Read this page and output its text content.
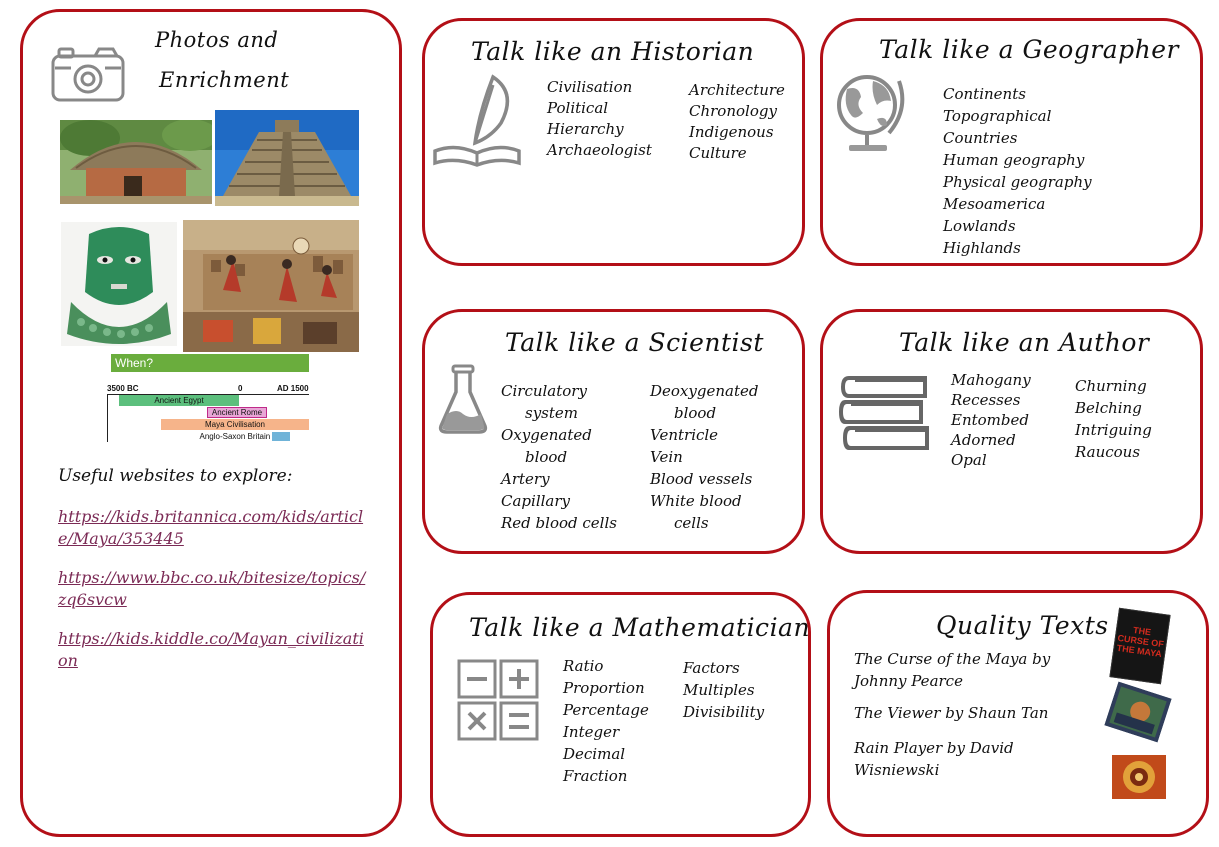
Photos and
Enrichment
When?
3500 BC	0	AD 1500
Ancient Egypt
Ancient Rome
Maya Civilisation
Anglo-Saxon Britain
Useful websites to explore:
https://kids.britannica.com/kids/article/Maya/353445
https://www.bbc.co.uk/bitesize/topics/zq6svcw
https://kids.kiddle.co/Mayan_civilization
Talk like an Historian
Civilisation
Political
Hierarchy
Archaeologist
Architecture
Chronology
Indigenous
Culture
Talk like a Geographer
Continents
Topographical
Countries
Human geography
Physical geography
Mesoamerica
Lowlands
Highlands
Talk like a Scientist
Circulatory
system
Oxygenated
blood
Artery
Capillary
Red blood cells
Deoxygenated
blood
Ventricle
Vein
Blood vessels
White blood
cells
Talk like an Author
Mahogany
Recesses
Entombed
Adorned
Opal
Churning
Belching
Intriguing
Raucous
Talk like a Mathematician
Ratio
Proportion
Percentage
Integer
Decimal
Fraction
Factors
Multiples
Divisibility
Quality Texts
The Curse of the Maya by
Johnny Pearce
The Viewer by Shaun Tan
Rain Player by David
Wisniewski
THE CURSE OF THE MAYA
